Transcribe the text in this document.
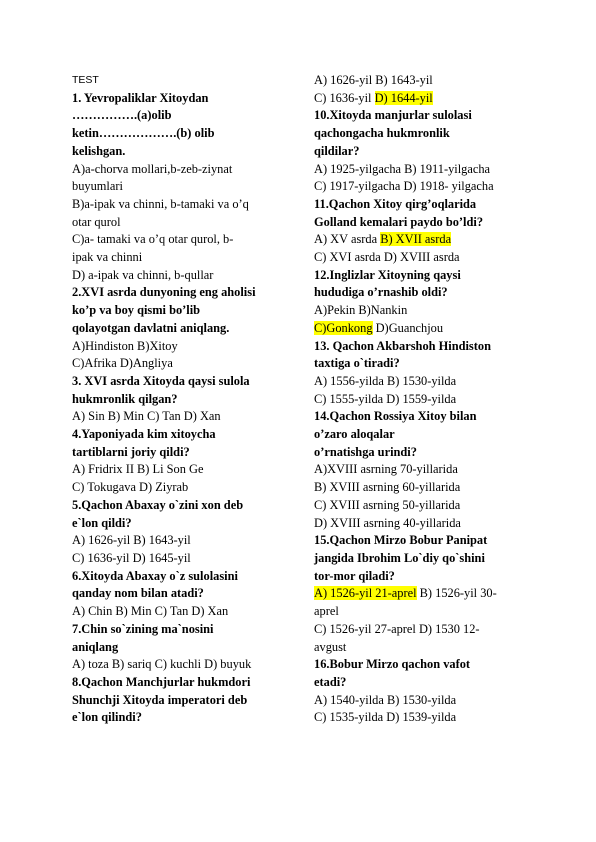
TEST
1. Yevropaliklar Xitoydan
…………….(a)olib
ketin……………….(b) olib
kelishgan.
A)a-chorva mollari,b-zeb-ziynat
buyumlari
B)a-ipak va chinni, b-tamaki va o’q
otar qurol
C)a- tamaki va o’q otar qurol, b-
ipak va chinni
D) a-ipak va chinni, b-qullar
2.XVI asrda dunyoning eng aholisi
ko’p va boy qismi bo’lib
qolayotgan davlatni aniqlang.
A)Hindiston B)Xitoy
C)Afrika D)Angliya
3. XVI asrda Xitoyda qaysi sulola
hukmronlik qilgan?
A) Sin B) Min C) Tan D) Xan
4.Yaponiyada kim xitoycha
tartiblarni joriy qildi?
A) Fridrix II B) Li Son Ge
C) Tokugava D) Ziyrab
5.Qachon Abaxay o`zini xon deb
e`lon qildi?
A) 1626-yil B) 1643-yil
C) 1636-yil D) 1645-yil
6.Xitoyda Abaxay o`z sulolasini
qanday nom bilan atadi?
A) Chin B) Min C) Tan D) Xan
7.Chin so`zining ma`nosini
aniqlang
A) toza B) sariq C) kuchli D) buyuk
8.Qachon Manchjurlar hukmdori
Shunchji Xitoyda imperatori deb
e`lon qilindi?
A) 1626-yil B) 1643-yil
C) 1636-yil D) 1644-yil
10.Xitoyda manjurlar sulolasi
qachongacha hukmronlik
qildilar?
A) 1925-yilgacha B) 1911-yilgacha
C) 1917-yilgacha D) 1918- yilgacha
11.Qachon Xitoy qirg’oqlarida
Golland kemalari paydo bo’ldi?
A) XV asrda B) XVII asrda
C) XVI asrda D) XVIII asrda
12.Inglizlar Xitoyning qaysi
hududiga o’rnashib oldi?
A)Pekin B)Nankin
C)Gonkong D)Guanchjou
13. Qachon Akbarshoh Hindiston
taxtiga o`tiradi?
A) 1556-yilda B) 1530-yilda
C) 1555-yilda D) 1559-yilda
14.Qachon Rossiya Xitoy bilan
o’zaro aloqalar
o’rnatishga urindi?
A)XVIII asrning 70-yillarida
B) XVIII asrning 60-yillarida
C) XVIII asrning 50-yillarida
D) XVIII asrning 40-yillarida
15.Qachon Mirzo Bobur Panipat
jangida Ibrohim Lo`diy qo`shini
tor-mor qiladi?
A) 1526-yil 21-aprel B) 1526-yil 30-
aprel
C) 1526-yil 27-aprel D) 1530 12-
avgust
16.Bobur Mirzo qachon vafot
etadi?
A) 1540-yilda B) 1530-yilda
C) 1535-yilda D) 1539-yilda
